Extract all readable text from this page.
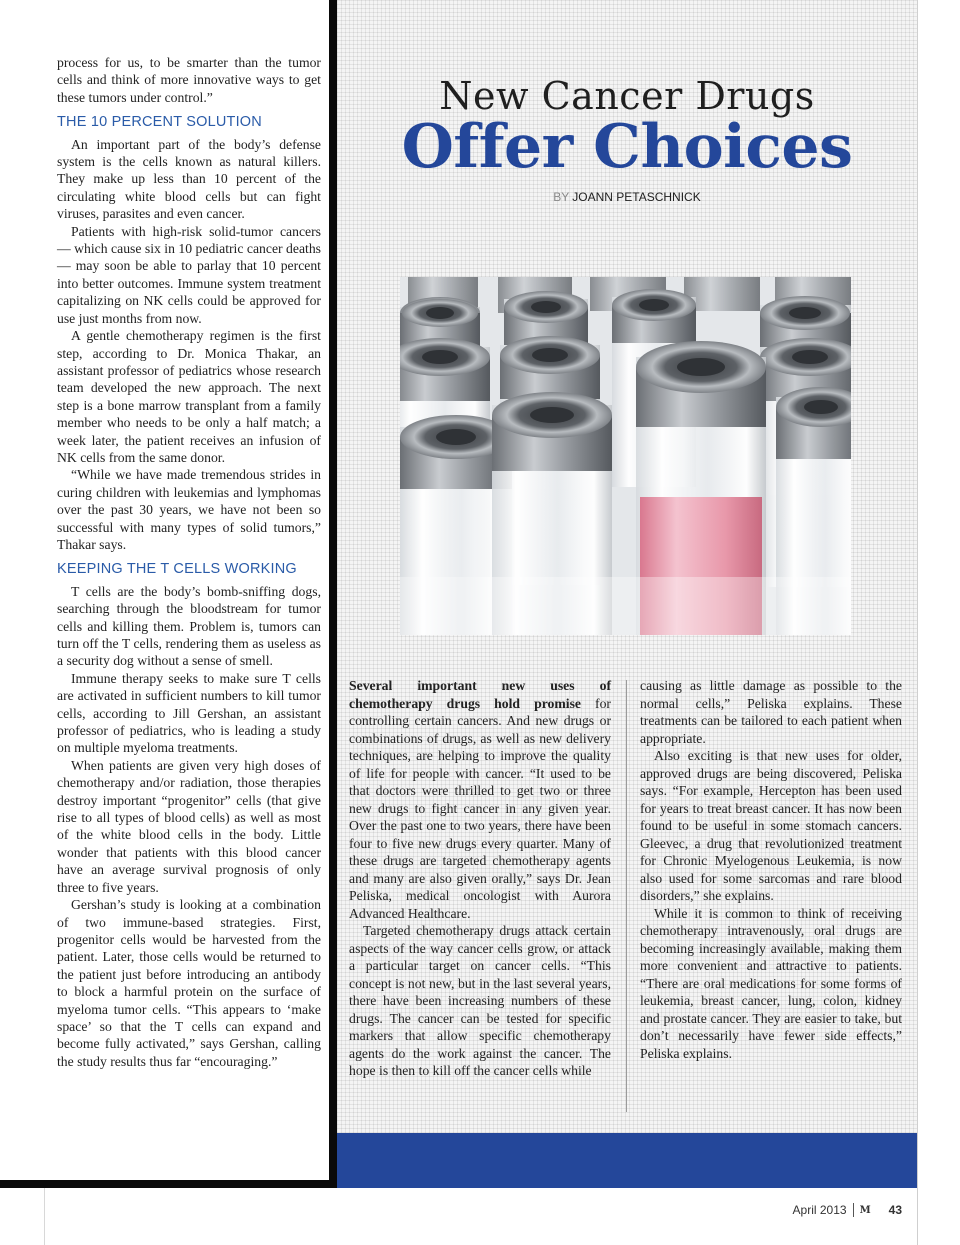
process for us, to be smarter than the tumor cells and think of more innovative ways to get these tumors under control.”

THE 10 PERCENT SOLUTION

An important part of the body’s defense system is the cells known as natural killers. They make up less than 10 percent of the circulating white blood cells but can fight viruses, parasites and even cancer.

Patients with high-risk solid-tumor cancers — which cause six in 10 pediatric cancer deaths — may soon be able to parlay that 10 percent into better outcomes. Immune system treatment capitalizing on NK cells could be approved for use just months from now.

A gentle chemotherapy regimen is the first step, according to Dr. Monica Thakar, an assistant professor of pediatrics whose research team developed the new approach. The next step is a bone marrow transplant from a family member who needs to be only a half match; a week later, the patient receives an infusion of NK cells from the same donor.

“While we have made tremendous strides in curing children with leukemias and lymphomas over the past 30 years, we have not been so successful with many types of solid tumors,” Thakar says.

KEEPING THE T CELLS WORKING

T cells are the body’s bomb-sniffing dogs, searching through the bloodstream for tumor cells and killing them. Problem is, tumors can turn off the T cells, rendering them as useless as a security dog without a sense of smell.

Immune therapy seeks to make sure T cells are activated in sufficient numbers to kill tumor cells, according to Jill Gershan, an assistant professor of pediatrics, who is leading a study on multiple myeloma treatments.

When patients are given very high doses of chemotherapy and/or radiation, those therapies destroy important “progenitor” cells (that give rise to all types of blood cells) as well as most of the white blood cells in the body. Little wonder that patients with this blood cancer have an average survival prognosis of only three to five years.

Gershan’s study is looking at a combination of two immune-based strategies. First, progenitor cells would be harvested from the patient. Later, those cells would be returned to the patient just before introducing an antibody to block a harmful protein on the surface of myeloma tumor cells. “This appears to ‘make space’ so that the T cells can expand and become fully activated,” says Gershan, calling the study results thus far “encouraging.”

New Cancer Drugs
Offer Choices
BY JOANN PETASCHNICK

Several important new uses of chemotherapy drugs hold promise for controlling certain cancers. And new drugs or combinations of drugs, as well as new delivery techniques, are helping to improve the quality of life for people with cancer. “It used to be that doctors were thrilled to get two or three new drugs to fight cancer in any given year. Over the past one to two years, there have been four to five new drugs every quarter. Many of these drugs are targeted chemotherapy agents and many are also given orally,” says Dr. Jean Peliska, medical oncologist with Aurora Advanced Healthcare.

Targeted chemotherapy drugs attack certain aspects of the way cancer cells grow, or attack a particular target on cancer cells. “This concept is not new, but in the last several years, there have been increasing numbers of these drugs. The cancer can be tested for specific markers that allow specific chemotherapy agents do the work against the cancer. The hope is then to kill off the cancer cells while

causing as little damage as possible to the normal cells,” Peliska explains. These treatments can be tailored to each patient when appropriate.

Also exciting is that new uses for older, approved drugs are being discovered, Peliska says. “For example, Hercepton has been used for years to treat breast cancer. It has now been found to be useful in some stomach cancers. Gleevec, a drug that revolutionized treatment for Chronic Myelogenous Leukemia, is now also used for some sarcomas and rare blood disorders,” she explains.

While it is common to think of receiving chemotherapy intravenously, oral drugs are becoming increasingly available, making them more convenient and attractive to patients. “There are oral medications for some forms of leukemia, breast cancer, lung, colon, kidney and prostate cancer. They are easier to take, but don’t necessarily have fewer side effects,” Peliska explains.

April 2013 M 43
